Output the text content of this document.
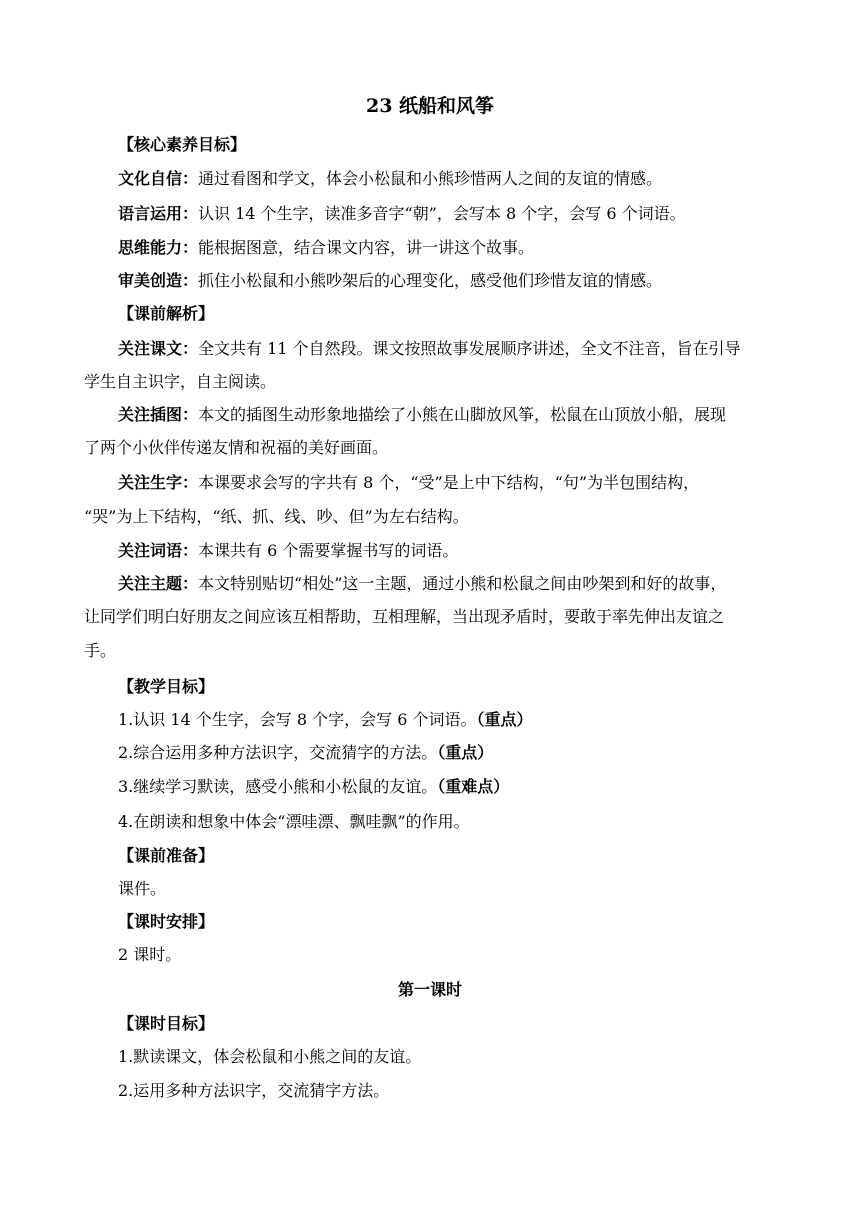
23 纸船和风筝
【核心素养目标】
文化自信：通过看图和学文，体会小松鼠和小熊珍惜两人之间的友谊的情感。
语言运用：认识 14 个生字，读准多音字“朝”，会写本 8 个字，会写 6 个词语。
思维能力：能根据图意，结合课文内容，讲一讲这个故事。
审美创造：抓住小松鼠和小熊吵架后的心理变化，感受他们珍惜友谊的情感。
【课前解析】
关注课文：全文共有 11 个自然段。课文按照故事发展顺序讲述，全文不注音，旨在引导
学生自主识字，自主阅读。
关注插图：本文的插图生动形象地描绘了小熊在山脚放风筝，松鼠在山顶放小船，展现
了两个小伙伴传递友情和祝福的美好画面。
关注生字：本课要求会写的字共有 8 个，“受”是上中下结构，“句”为半包围结构，
“哭”为上下结构，“纸、抓、线、吵、但”为左右结构。
关注词语：本课共有 6 个需要掌握书写的词语。
关注主题：本文特别贴切“相处”这一主题，通过小熊和松鼠之间由吵架到和好的故事，
让同学们明白好朋友之间应该互相帮助，互相理解，当出现矛盾时，要敢于率先伸出友谊之
手。
【教学目标】
1.认识 14 个生字，会写 8 个字，会写 6 个词语。（重点）
2.综合运用多种方法识字，交流猜字的方法。（重点）
3.继续学习默读，感受小熊和小松鼠的友谊。（重难点）
4.在朗读和想象中体会“漂哇漂、飘哇飘”的作用。
【课前准备】
课件。
【课时安排】
2 课时。
第一课时
【课时目标】
1.默读课文，体会松鼠和小熊之间的友谊。
2.运用多种方法识字，交流猜字方法。
